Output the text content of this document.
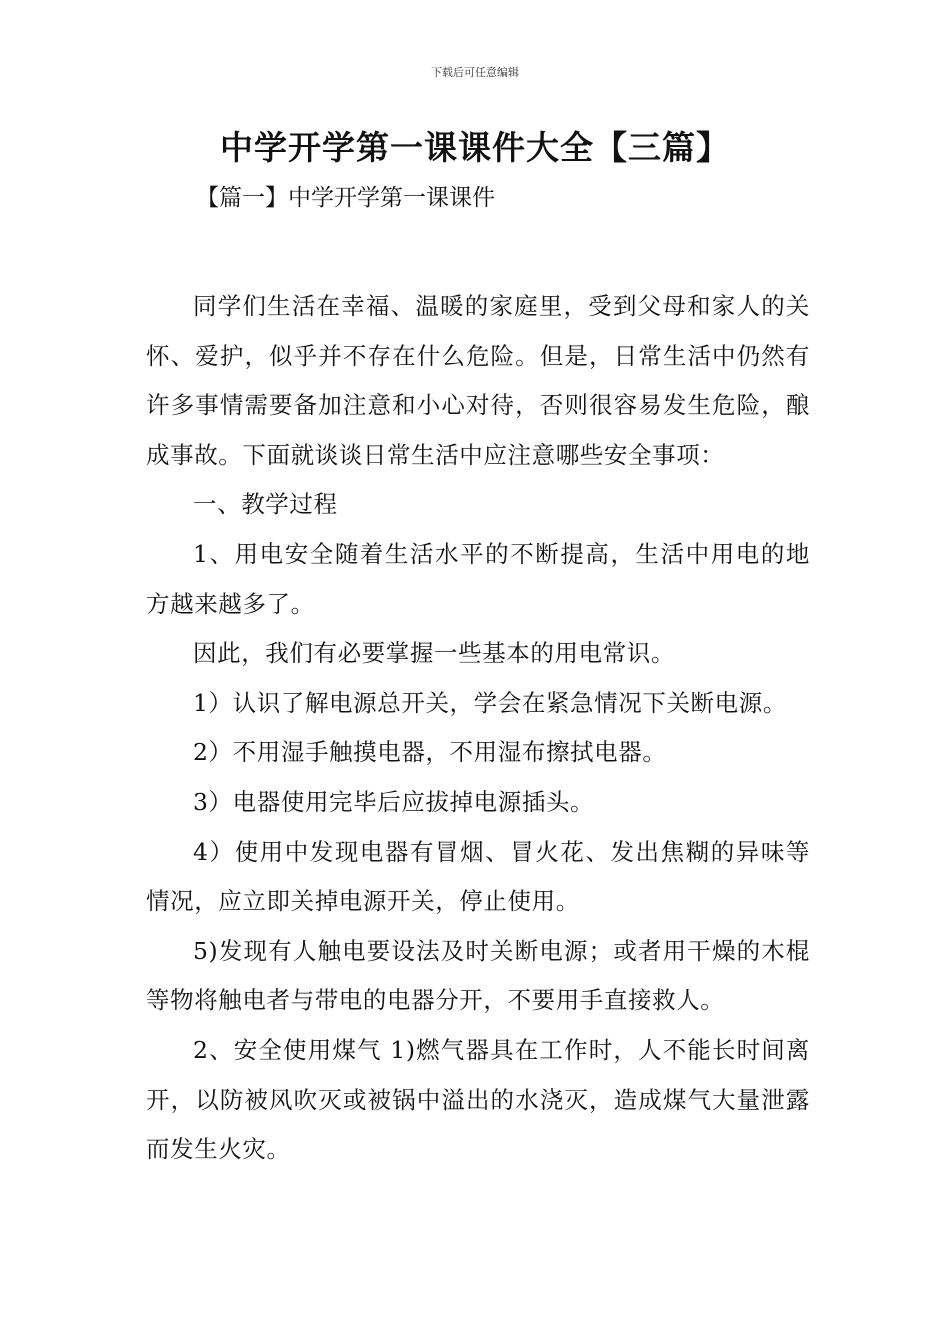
下载后可任意编辑
中学开学第一课课件大全【三篇】
【篇一】中学开学第一课课件

同学们生活在幸福、温暖的家庭里，受到父母和家人的关怀、爱护，似乎并不存在什么危险。但是，日常生活中仍然有许多事情需要备加注意和小心对待，否则很容易发生危险，酿成事故。下面就谈谈日常生活中应注意哪些安全事项：

一、教学过程

1、用电安全随着生活水平的不断提高，生活中用电的地方越来越多了。

因此，我们有必要掌握一些基本的用电常识。

1）认识了解电源总开关，学会在紧急情况下关断电源。

2）不用湿手触摸电器，不用湿布擦拭电器。

3）电器使用完毕后应拔掉电源插头。

4）使用中发现电器有冒烟、冒火花、发出焦糊的异味等情况，应立即关掉电源开关，停止使用。

5)发现有人触电要设法及时关断电源；或者用干燥的木棍等物将触电者与带电的电器分开，不要用手直接救人。

2、安全使用煤气 1)燃气器具在工作时，人不能长时间离开，以防被风吹灭或被锅中溢出的水浇灭，造成煤气大量泄露而发生火灾。
